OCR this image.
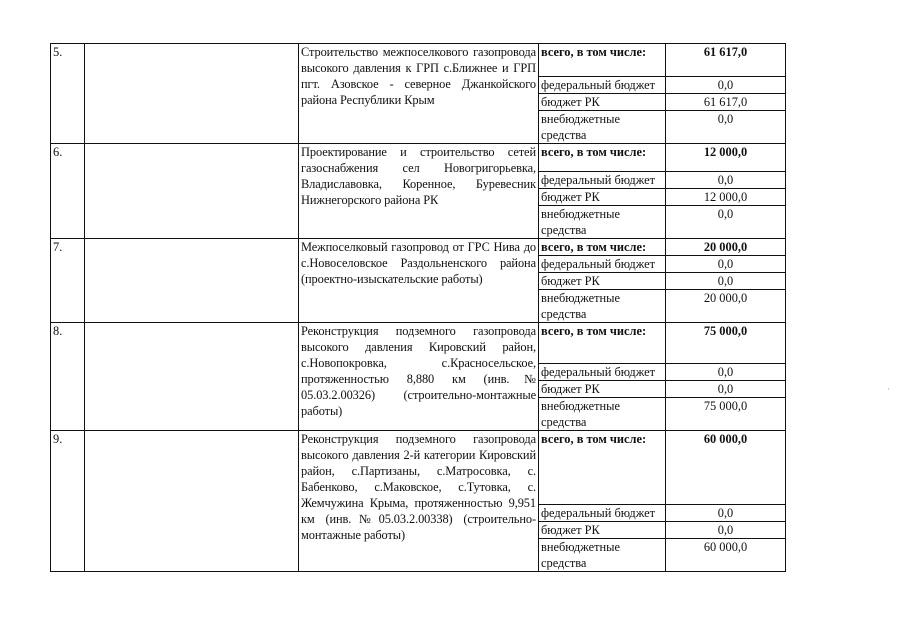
5.		Строительство межпоселкового газопровода высокого давления к ГРП с.Ближнее и ГРП пгт. Азовское - северное Джанкойского района Республики Крым	всего, в том числе:	61 617,0
			федеральный бюджет	0,0
			бюджет РК	61 617,0
			внебюджетные средства	0,0
6.		Проектирование и строительство сетей газоснабжения сел Новогригорьевка, Владиславовка, Коренное, Буревесник Нижнегорского района РК	всего, в том числе:	12 000,0
			федеральный бюджет	0,0
			бюджет РК	12 000,0
			внебюджетные средства	0,0
7.		Межпоселковый газопровод от ГРС Нива до с.Новоселовское Раздольненского района (проектно-изыскательские работы)	всего, в том числе:	20 000,0
			федеральный бюджет	0,0
			бюджет РК	0,0
			внебюджетные средства	20 000,0
8.		Реконструкция подземного газопровода высокого давления Кировский район, с.Новопокровка, с.Красносельское, протяженностью 8,880 км (инв.№ 05.03.2.00326) (строительно-монтажные работы)	всего, в том числе:	75 000,0
			федеральный бюджет	0,0
			бюджет РК	0,0
			внебюджетные средства	75 000,0
9.		Реконструкция подземного газопровода высокого давления 2-й категории Кировский район, с.Партизаны, с.Матросовка, с. Бабенково, с.Маковское, с.Тутовка, с. Жемчужина Крыма, протяженностью 9,951 км (инв.№05.03.2.00338) (строительно-монтажные работы)	всего, в том числе:	60 000,0
			федеральный бюджет	0,0
			бюджет РК	0,0
			внебюджетные средства	60 000,0
·
